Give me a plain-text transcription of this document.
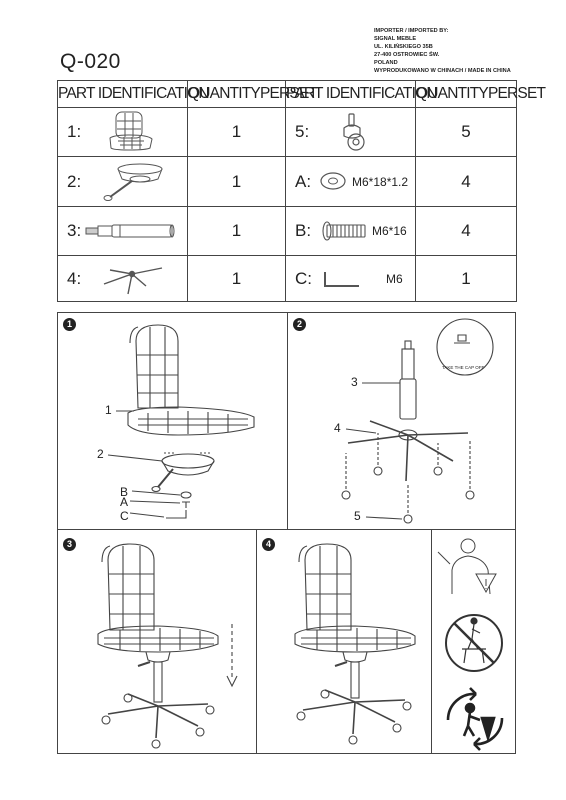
Q-020
IMPORTER / IMPORTED BY:
SIGNAL MEBLE
UL. KILIŃSKIEGO 35B
27-400 OSTROWIEC ŚW.
POLAND
WYPRODUKOWANO W CHINACH / MADE IN CHINA
PART IDENTIFICATION	QUANTITYPERSET	PART IDENTIFICATION	QUANTITYPERSET

1:	1	5:	5

2:	1	A: M6*18*1.2	4

3:	1	B: M6*16	4

4:	1	C: M6	1
1
1
2
B
A
C
2
TAKE THE CAP OFF
3
4
5
3	4
